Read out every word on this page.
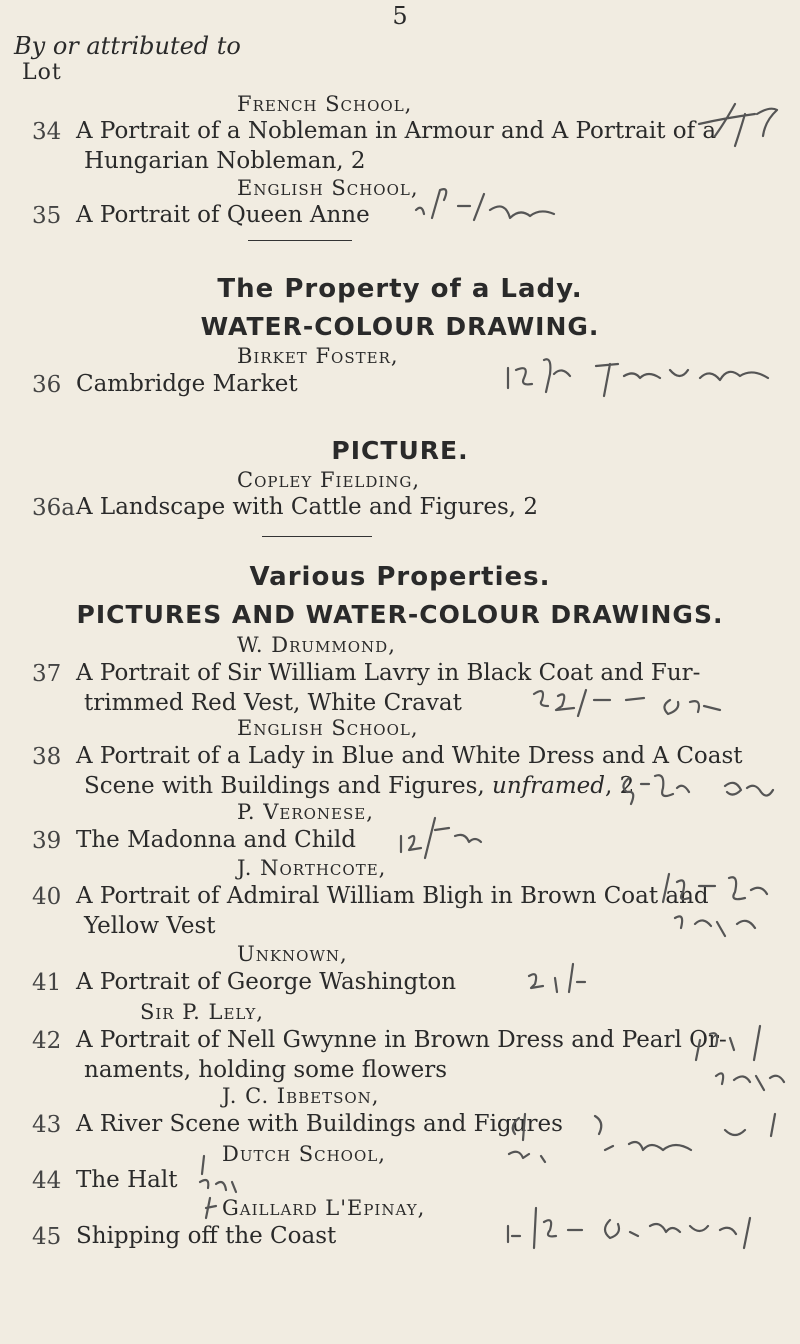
5
By or attributed to
Lot
French School,
34 A Portrait of a Nobleman in Armour and A Portrait of a
Hungarian Nobleman, 2
English School,
35 A Portrait of Queen Anne
The Property of a Lady.
WATER-COLOUR DRAWING.
Birket Foster,
36 Cambridge Market
PICTURE.
Copley Fielding,
36a A Landscape with Cattle and Figures, 2
Various Properties.
PICTURES AND WATER-COLOUR DRAWINGS.
W. Drummond,
37 A Portrait of Sir William Lavry in Black Coat and Fur-
trimmed Red Vest, White Cravat
English School,
38 A Portrait of a Lady in Blue and White Dress and A Coast
Scene with Buildings and Figures, unframed, 2
P. Veronese,
39 The Madonna and Child
J. Northcote,
40 A Portrait of Admiral William Bligh in Brown Coat and
Yellow Vest
Unknown,
41 A Portrait of George Washington
Sir P. Lely,
42 A Portrait of Nell Gwynne in Brown Dress and Pearl Or-
naments, holding some flowers
J. C. Ibbetson,
43 A River Scene with Buildings and Figures
Dutch School,
44 The Halt
Gaillard L'Epinay,
45 Shipping off the Coast
